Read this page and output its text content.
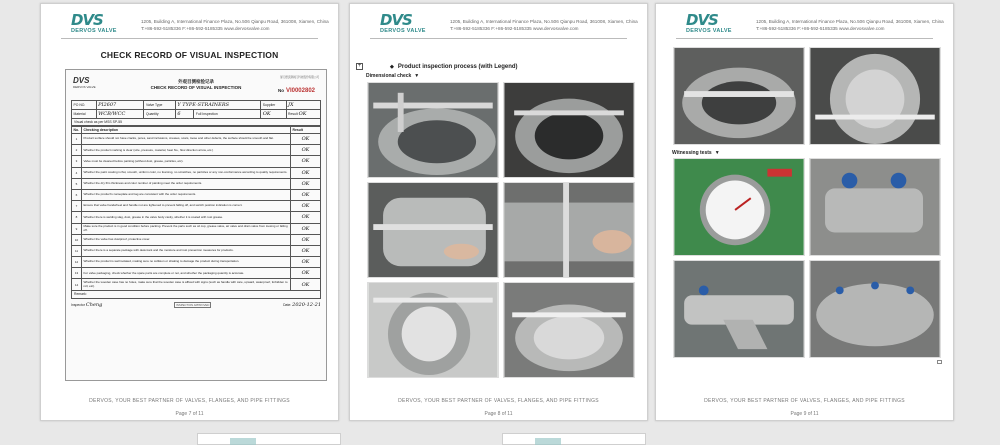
DVS
DERVOS VALVE
1205, Building A, International Finance Plaza, No.506 Qianpu Road, 361008, Xiamen, China
T:+86-592-5185336 F:+86-592-5185335 www.dervosvalve.com
CHECK RECORD OF VISUAL INSPECTION
DVS
DERVOS VALVE
厦门德沃斯阀门科技股份有限公司
外观目测检验记录
CHECK RECORD OF VISUAL INSPECTION
No VI0002802
PO NO.	PI2607	Valve Type	Y TYPE-STRAINERS		Supplier	JX
Material	WCB/WCC	Quantity	6	Full Inspection	OK	Result OK
Visual check as per MSS SP-55
No.	Checking description	Result
1	Product surface should not have cracks, pores, sand inclusions, creases, scars, loose and other defects, the surface should be smooth and flat.	OK
2	Whether the product marking is clear (size, pressure, material, heat No., flow direction arrow, etc.)	OK
3	Valve must be cleaned before painting (without dust, grease, particles, etc).	OK
4	Whether the paint coating is flat, smooth, uniform color, no foaming, no scratches, no particles or any non-conformance according to quality requirements.	OK
5	Whether the dry film thickness and color number of painting meet the order requirements.	OK
6	Whether the product's nameplate and tag are consistent with the order requirements.	OK
7	Ensure that valve handwheel and handle nut are tightened to prevent falling off, and switch position indication is correct.	OK
8	Whether there is welding slag, dust, grease in the valve body cavity, whether it is coated with rust grease.	OK
9	Make sure the product is in good condition before packing. Prevent the parts such as oil cup, grease valve, air valve and drain valve from loosing or falling off.	OK
10	Whether the valve has dustproof, protective cover.	OK
11	Whether there is a separate package with desiccant and the moisture and rust prevention measures for products.	OK
12	Whether the product is well isolated, making sure no collision or shaking to damage the product during transportation.	OK
13	For valve packaging, check whether the spare parts are complete or not, and whether the packaging quantity is accurate.	OK
14	Whether the wooden case has no holes, make sure that the wooden case is affixed with signs (such as handle with care, upward, waterproof, forbidden to roll, etc).	OK
Remark:
Inspector Cheng	INSPECTION APPROVED	Date: 2020-12-21
DERVOS, YOUR BEST PARTNER OF VALVES, FLANGES, AND PIPE FITTINGS
Page 7 of 11
DVS
DERVOS VALVE
1205, Building A, International Finance Plaza, No.506 Qianpu Road, 361008, Xiamen, China
T:+86-592-5185336 F:+86-592-5185335 www.dervosvalve.com
+	◆ Product inspection process (with Legend)
Dimensional check ▼
DERVOS, YOUR BEST PARTNER OF VALVES, FLANGES, AND PIPE FITTINGS
Page 8 of 11
DVS
DERVOS VALVE
1205, Building A, International Finance Plaza, No.506 Qianpu Road, 361008, Xiamen, China
T:+86-592-5185336 F:+86-592-5185335 www.dervosvalve.com
Witnessing tests ▼
DERVOS, YOUR BEST PARTNER OF VALVES, FLANGES, AND PIPE FITTINGS
Page 9 of 11
